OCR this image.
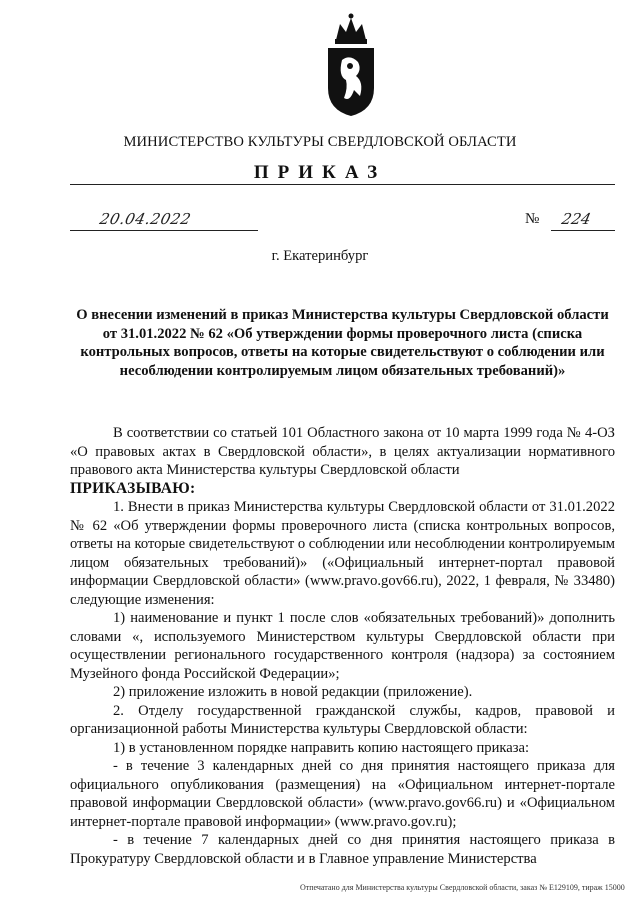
МИНИСТЕРСТВО КУЛЬТУРЫ СВЕРДЛОВСКОЙ ОБЛАСТИ
ПРИКАЗ
20.04.2022	№ 224
г. Екатеринбург
О внесении изменений в приказ Министерства культуры Свердловской области от 31.01.2022 № 62 «Об утверждении формы проверочного листа (списка контрольных вопросов, ответы на которые свидетельствуют о соблюдении или несоблюдении контролируемым лицом обязательных требований)»

В соответствии со статьей 101 Областного закона от 10 марта 1999 года № 4-ОЗ «О правовых актах в Свердловской области», в целях актуализации нормативного правового акта Министерства культуры Свердловской области

ПРИКАЗЫВАЮ:

1. Внести в приказ Министерства культуры Свердловской области от 31.01.2022 № 62 «Об утверждении формы проверочного листа (списка контрольных вопросов, ответы на которые свидетельствуют о соблюдении или несоблюдении контролируемым лицом обязательных требований)» («Официальный интернет-портал правовой информации Свердловской области» (www.pravo.gov66.ru), 2022, 1 февраля, № 33480) следующие изменения:

1) наименование и пункт 1 после слов «обязательных требований)» дополнить словами «, используемого Министерством культуры Свердловской области при осуществлении регионального государственного контроля (надзора) за состоянием Музейного фонда Российской Федерации»;

2) приложение изложить в новой редакции (приложение).

2. Отделу государственной гражданской службы, кадров, правовой и организационной работы Министерства культуры Свердловской области:

1) в установленном порядке направить копию настоящего приказа:

- в течение 3 календарных дней со дня принятия настоящего приказа для официального опубликования (размещения) на «Официальном интернет-портале правовой информации Свердловской области» (www.pravo.gov66.ru) и «Официальном интернет-портале правовой информации» (www.pravo.gov.ru);

- в течение 7 календарных дней со дня принятия настоящего приказа в Прокуратуру Свердловской области и в Главное управление Министерства

Отпечатано для Министерства культуры Свердловской области, заказ № Е129109, тираж 15000
